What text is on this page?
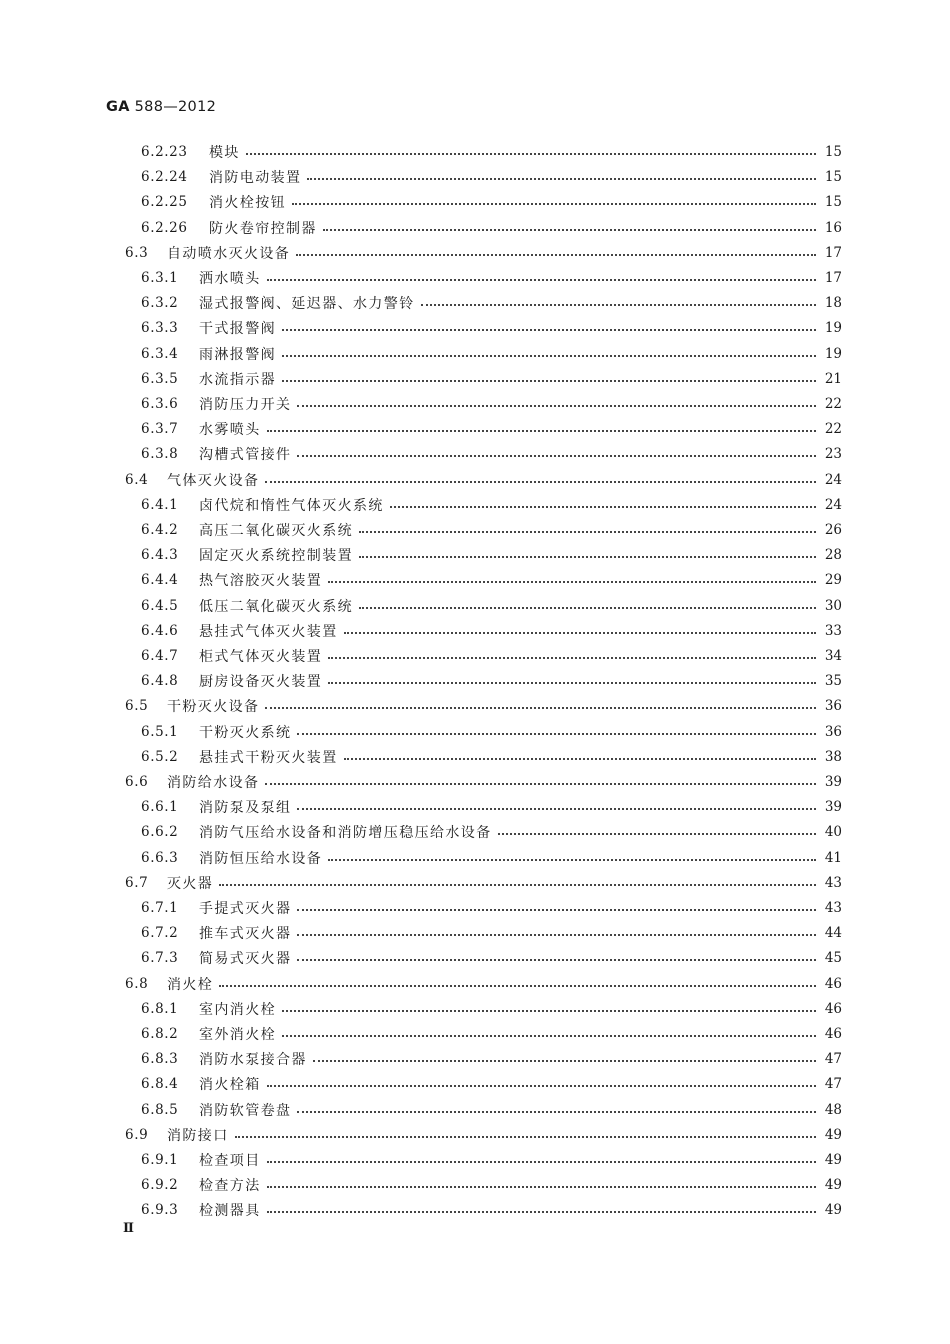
GA 588—2012
6.2.23 模块	15
6.2.24 消防电动装置	15
6.2.25 消火栓按钮	15
6.2.26 防火卷帘控制器	16
6.3 自动喷水灭火设备	17
6.3.1 洒水喷头	17
6.3.2 湿式报警阀、延迟器、水力警铃	18
6.3.3 干式报警阀	19
6.3.4 雨淋报警阀	19
6.3.5 水流指示器	21
6.3.6 消防压力开关	22
6.3.7 水雾喷头	22
6.3.8 沟槽式管接件	23
6.4 气体灭火设备	24
6.4.1 卤代烷和惰性气体灭火系统	24
6.4.2 高压二氧化碳灭火系统	26
6.4.3 固定灭火系统控制装置	28
6.4.4 热气溶胶灭火装置	29
6.4.5 低压二氧化碳灭火系统	30
6.4.6 悬挂式气体灭火装置	33
6.4.7 柜式气体灭火装置	34
6.4.8 厨房设备灭火装置	35
6.5 干粉灭火设备	36
6.5.1 干粉灭火系统	36
6.5.2 悬挂式干粉灭火装置	38
6.6 消防给水设备	39
6.6.1 消防泵及泵组	39
6.6.2 消防气压给水设备和消防增压稳压给水设备	40
6.6.3 消防恒压给水设备	41
6.7 灭火器	43
6.7.1 手提式灭火器	43
6.7.2 推车式灭火器	44
6.7.3 简易式灭火器	45
6.8 消火栓	46
6.8.1 室内消火栓	46
6.8.2 室外消火栓	46
6.8.3 消防水泵接合器	47
6.8.4 消火栓箱	47
6.8.5 消防软管卷盘	48
6.9 消防接口	49
6.9.1 检查项目	49
6.9.2 检查方法	49
6.9.3 检测器具	49
Ⅱ
